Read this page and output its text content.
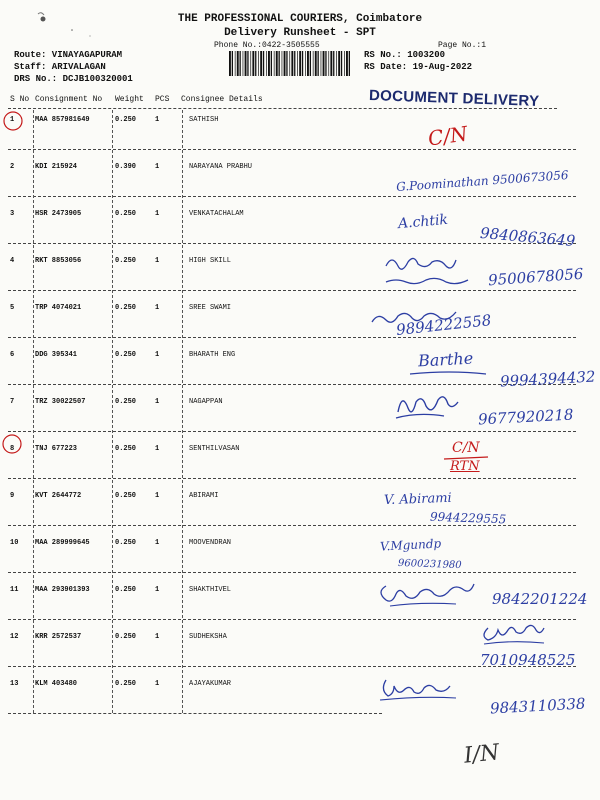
THE PROFESSIONAL COURIERS, Coimbatore
Delivery Runsheet - SPT
Phone No.:0422-3505555	Page No.:1
Route: VINAYAGAPURAM
Staff: ARIVALAGAN
DRS No.: DCJB100320001
RS No.: 1003200
RS Date: 19-Aug-2022
S No Consignment No Weight PCS Consignee Details	DOCUMENT DELIVERY
1	MAA 857981649	0.250	1	SATHISH
2	KDI 215924	0.390	1	NARAYANA PRABHU
3	HSR 2473905	0.250	1	VENKATACHALAM
4	RKT 8853056	0.250	1	HIGH SKILL
5	TRP 4074021	0.250	1	SREE SWAMI
6	DDG 395341	0.250	1	BHARATH ENG
7	TRZ 30022507	0.250	1	NAGAPPAN
8	TNJ 677223	0.250	1	SENTHILVASAN
9	KVT 2644772	0.250	1	ABIRAMI
10 MAA 289999645	0.250	1	MOOVENDRAN
11 MAA 293901393	0.250	1	SHAKTHIVEL
12 KRR 2572537	0.250	1	SUDHEKSHA
13 KLM 403480	0.250	1	AJAYAKUMAR
C/N
G.Poominathan 9500673056
A.chtik
9840863649
9500678056
9894222558
Barthe
9994394432
9677920218
C/N
RTN
V. Abirami
9944229555
V.Mgundp
9600231980
9842201224
7010948525
9843110338
I/N
